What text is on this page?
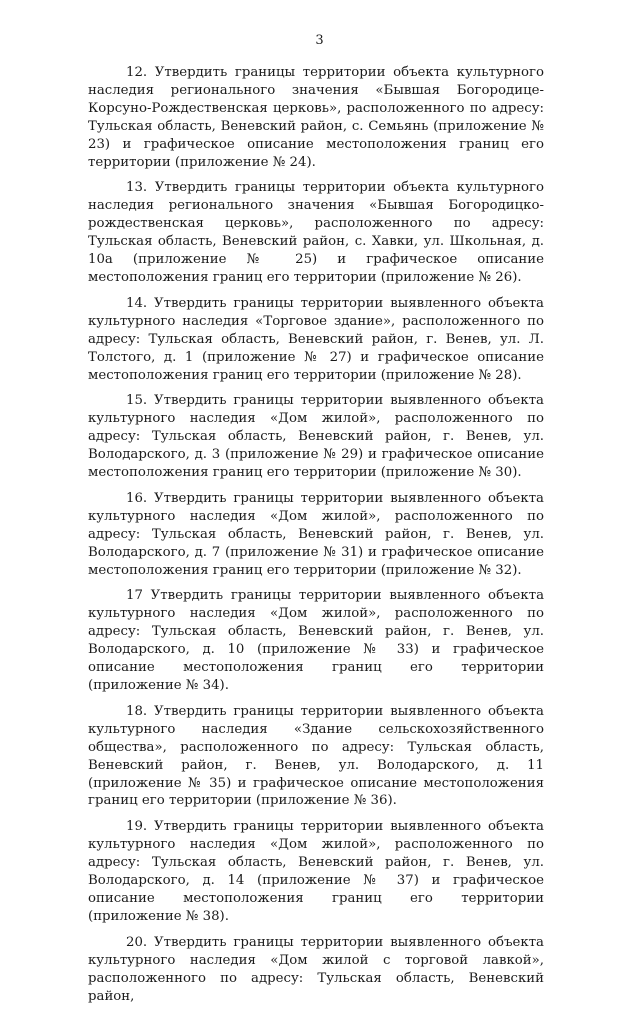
3

12. Утвердить границы территории объекта культурного наследия регионального значения «Бывшая Богородице-Корсуно-Рождественская церковь», расположенного по адресу: Тульская область, Веневский район, с. Семьянь (приложение № 23) и графическое описание местоположения границ его территории (приложение № 24).

13. Утвердить границы территории объекта культурного наследия регионального значения «Бывшая Богородицко-рождественская церковь», расположенного по адресу: Тульская область, Веневский район, с. Хавки, ул. Школьная, д. 10а (приложение № 25) и графическое описание местоположения границ его территории (приложение № 26).

14. Утвердить границы территории выявленного объекта культурного наследия «Торговое здание», расположенного по адресу: Тульская область, Веневский район, г. Венев, ул. Л. Толстого, д. 1 (приложение № 27) и графическое описание местоположения границ его территории (приложение № 28).

15. Утвердить границы территории выявленного объекта культурного наследия «Дом жилой», расположенного по адресу: Тульская область, Веневский район, г. Венев, ул. Володарского, д. 3 (приложение № 29) и графическое описание местоположения границ его территории (приложение № 30).

16. Утвердить границы территории выявленного объекта культурного наследия «Дом жилой», расположенного по адресу: Тульская область, Веневский район, г. Венев, ул. Володарского, д. 7 (приложение № 31) и графическое описание местоположения границ его территории (приложение № 32).

17 Утвердить границы территории выявленного объекта культурного наследия «Дом жилой», расположенного по адресу: Тульская область, Веневский район, г. Венев, ул. Володарского, д. 10 (приложение № 33) и графическое описание местоположения границ его территории (приложение № 34).

18. Утвердить границы территории выявленного объекта культурного наследия «Здание сельскохозяйственного общества», расположенного по адресу: Тульская область, Веневский район, г. Венев, ул. Володарского, д. 11 (приложение № 35) и графическое описание местоположения границ его территории (приложение № 36).

19. Утвердить границы территории выявленного объекта культурного наследия «Дом жилой», расположенного по адресу: Тульская область, Веневский район, г. Венев, ул. Володарского, д. 14 (приложение № 37) и графическое описание местоположения границ его территории (приложение № 38).

20. Утвердить границы территории выявленного объекта культурного наследия «Дом жилой с торговой лавкой», расположенного по адресу: Тульская область, Веневский район,
